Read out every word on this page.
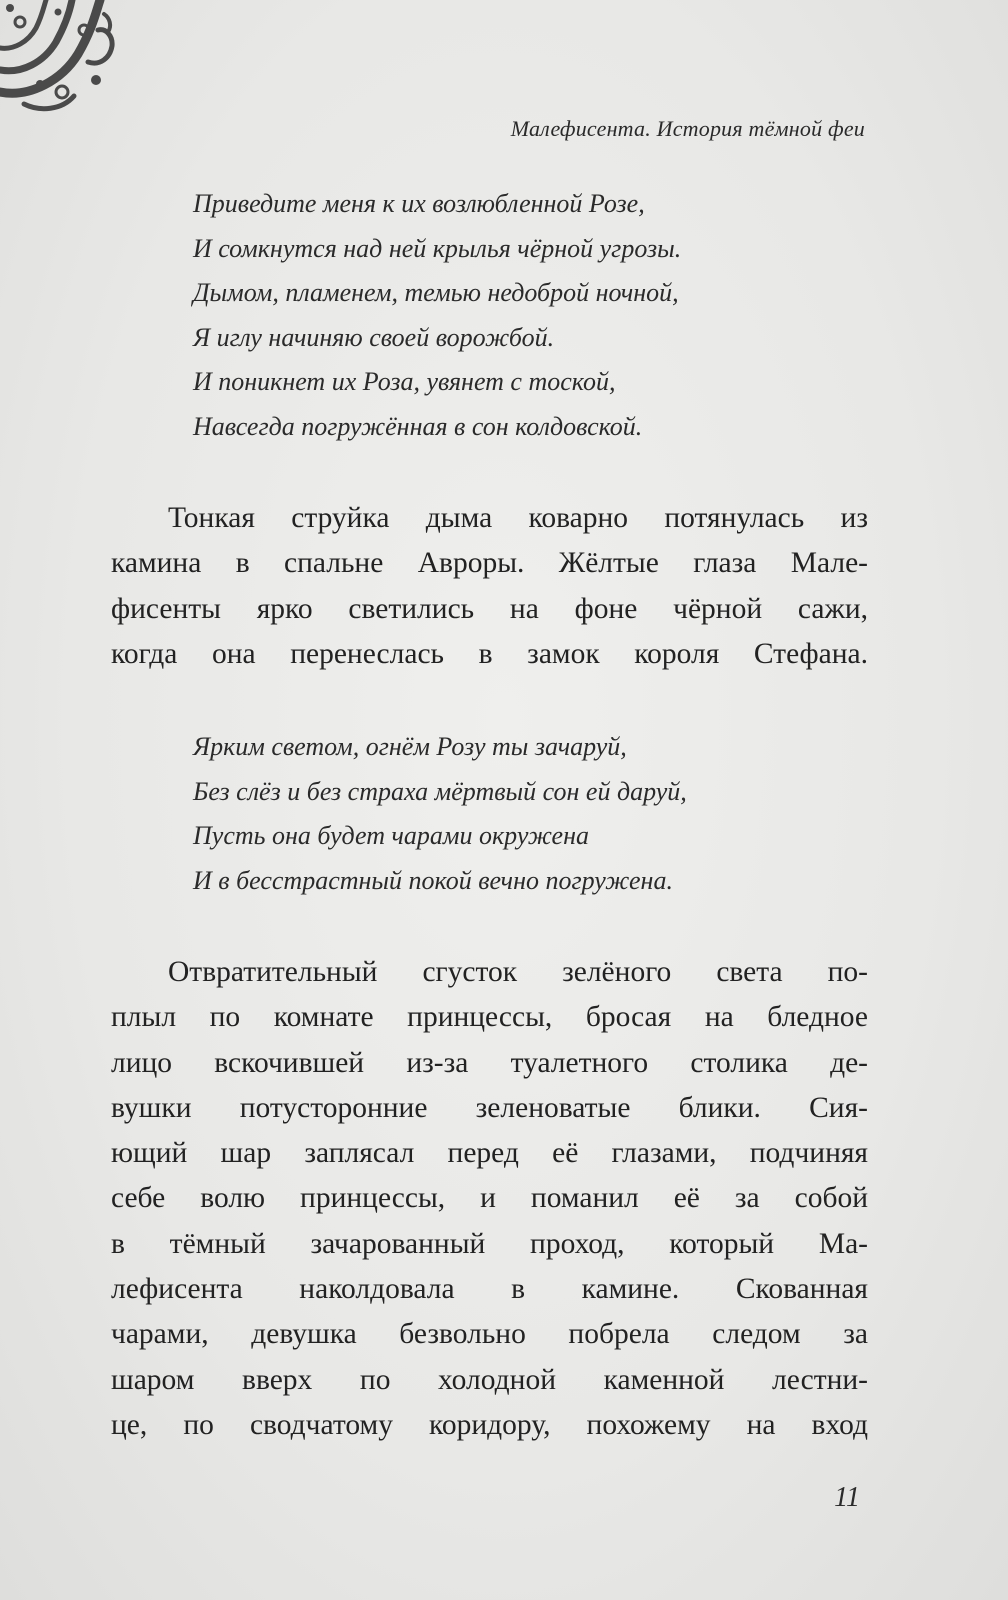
Малефисента. История тёмной феи
Приведите меня к их возлюбленной Розе,
И сомкнутся над ней крылья чёрной угрозы.
Дымом, пламенем, темью недоброй ночной,
Я иглу начиняю своей ворожбой.
И поникнет их Роза, увянет с тоской,
Навсегда погружённая в сон колдовской.
Тонкая струйка дыма коварно потянулась из
камина в спальне Авроры. Жёлтые глаза Мале-
фисенты ярко светились на фоне чёрной сажи,
когда она перенеслась в замок короля Стефана.
Ярким светом, огнём Розу ты зачаруй,
Без слёз и без страха мёртвый сон ей даруй,
Пусть она будет чарами окружена
И в бесстрастный покой вечно погружена.
Отвратительный сгусток зелёного света по-
плыл по комнате принцессы, бросая на бледное
лицо вскочившей из-за туалетного столика де-
вушки потусторонние зеленоватые блики. Сия-
ющий шар заплясал перед её глазами, подчиняя
себе волю принцессы, и поманил её за собой
в тёмный зачарованный проход, который Ма-
лефисента наколдовала в камине. Скованная
чарами, девушка безвольно побрела следом за
шаром вверх по холодной каменной лестни-
це, по сводчатому коридору, похожему на вход
11
